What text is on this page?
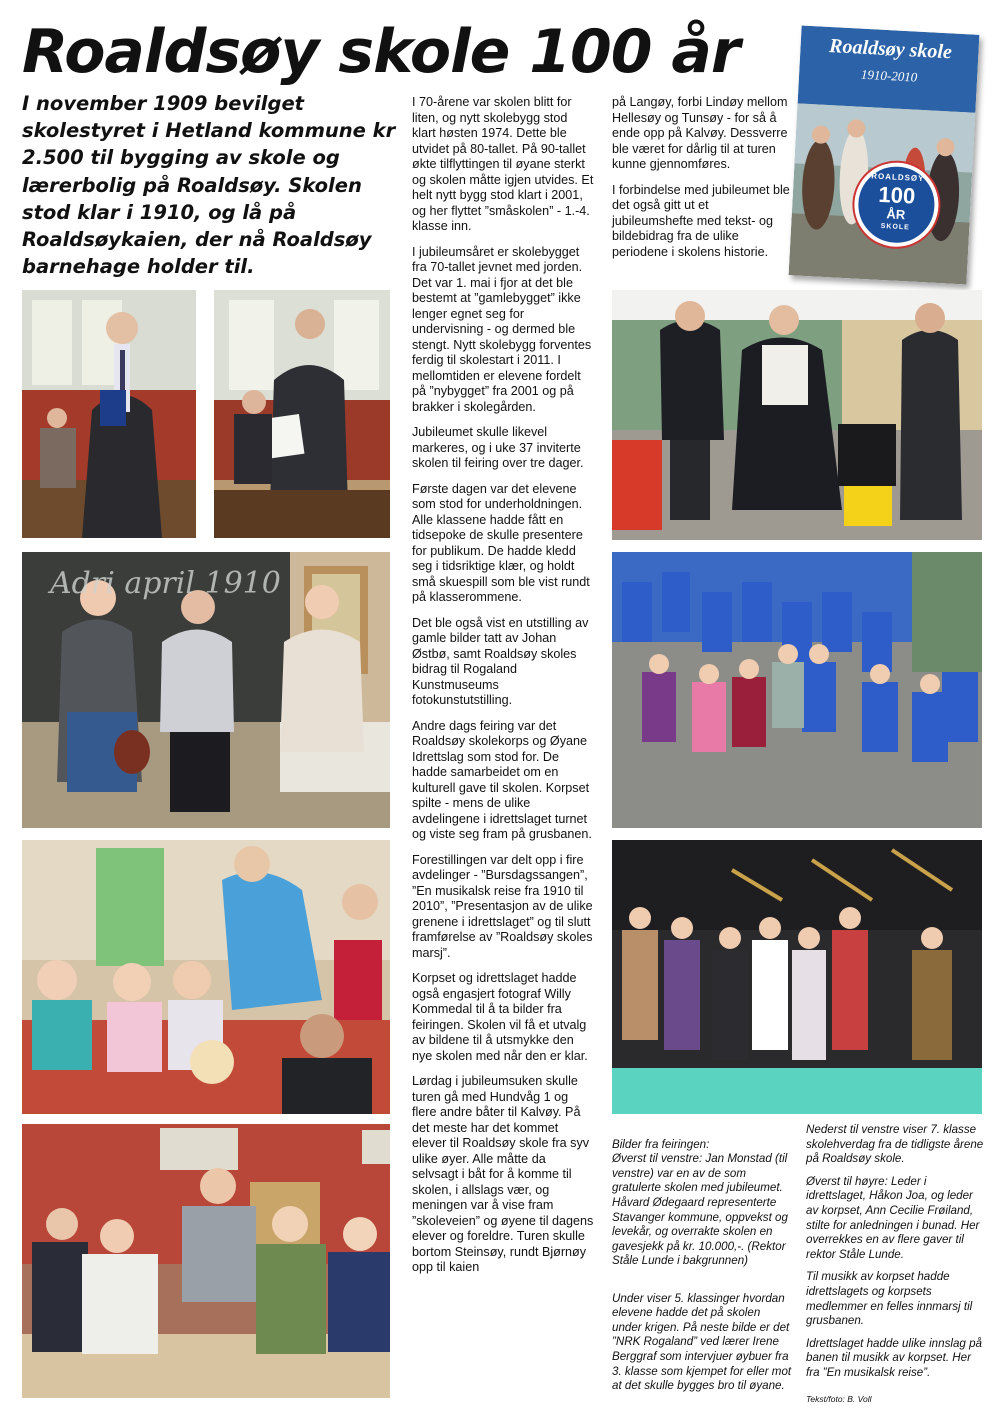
Roaldsøy skole 100 år

I november 1909 bevilget skolestyret i Hetland kommune kr 2.500 til bygging av skole og lærerbolig på Roaldsøy. Skolen stod klar i 1910, og lå på Roaldsøykaien, der nå Roaldsøy barnehage holder til.

Roaldsøy skole
1910-2010
ROALDSØY
100
ÅR
SKOLE
Adri april 1910

I 70-årene var skolen blitt for liten, og nytt skolebygg stod klart høsten 1974. Dette ble utvidet på 80-tallet. På 90-tallet økte tilflyttingen til øyane sterkt og skolen måtte igjen utvides. Et helt nytt bygg stod klart i 2001, og her flyttet ”småskolen” - 1.-4. klasse inn.

I jubileumsåret er skolebygget fra 70-tallet jevnet med jorden. Det var 1. mai i fjor at det ble bestemt at ”gamlebygget” ikke lenger egnet seg for undervisning - og dermed ble stengt. Nytt skolebygg forventes ferdig til skolestart i 2011. I mellomtiden er elevene fordelt på ”nybygget” fra 2001 og på brakker i skolegården.

Jubileumet skulle likevel markeres, og i uke 37 inviterte skolen til feiring over tre dager.

Første dagen var det elevene som stod for underholdningen. Alle klassene hadde fått en tidsepoke de skulle presentere for publikum. De hadde kledd seg i tidsriktige klær, og holdt små skuespill som ble vist rundt på klasserommene.

Det ble også vist en utstilling av gamle bilder tatt av Johan Østbø, samt Roaldsøy skoles bidrag til Rogaland Kunstmuseums fotokunstutstilling.

Andre dags feiring var det Roaldsøy skolekorps og Øyane Idrettslag som stod for. De hadde samarbeidet om en kulturell gave til skolen. Korpset spilte - mens de ulike avdelingene i idrettslaget turnet og viste seg fram på grusbanen.

Forestillingen var delt opp i fire avdelinger - ”Bursdagssangen”, ”En musikalsk reise fra 1910 til 2010”, ”Presentasjon av de ulike grenene i idrettslaget” og til slutt framførelse av ”Roaldsøy skoles marsj”.

Korpset og idrettslaget hadde også engasjert fotograf Willy Kommedal til å ta bilder fra feiringen. Skolen vil få et utvalg av bildene til å utsmykke den nye skolen med når den er klar.

Lørdag i jubileumsuken skulle turen gå med Hundvåg 1 og flere andre båter til Kalvøy. På det meste har det kommet elever til Roaldsøy skole fra syv ulike øyer. Alle måtte da selvsagt i båt for å komme til skolen, i allslags vær, og meningen var å vise fram ”skoleveien” og øyene til dagens elever og foreldre. Turen skulle bortom Steinsøy, rundt Bjørnøy opp til kaien

på Langøy, forbi Lindøy mellom Hellesøy og Tunsøy - for så å ende opp på Kalvøy. Dessverre ble været for dårlig til at turen kunne gjennomføres.

I forbindelse med jubileumet ble det også gitt ut et jubileumshefte med tekst- og bildebidrag fra de ulike periodene i skolens historie.

Bilder fra feiringen:
Øverst til venstre: Jan Monstad (til venstre) var en av de som gratulerte skolen med jubileumet. Håvard Ødegaard representerte Stavanger kommune, oppvekst og levekår, og overrakte skolen en gavesjekk på kr. 10.000,-. (Rektor Ståle Lunde i bakgrunnen)

Under viser 5. klassinger hvordan elevene hadde det på skolen under krigen. På neste bilde er det ”NRK Rogaland” ved lærer Irene Berggraf som intervjuer øybuer fra 3. klasse som kjempet for eller mot at det skulle bygges bro til øyane.

Nederst til venstre viser 7. klasse skolehverdag fra de tidligste årene på Roaldsøy skole.

Øverst til høyre: Leder i idrettslaget, Håkon Joa, og leder av korpset, Ann Cecilie Frøiland, stilte for anledningen i bunad. Her overrekkes en av flere gaver til rektor Ståle Lunde.

Til musikk av korpset hadde idrettslagets og korpsets medlemmer en felles innmarsj til grusbanen.

Idrettslaget hadde ulike innslag på banen til musikk av korpset. Her fra ”En musikalsk reise”.

Tekst/foto: B. Voll
